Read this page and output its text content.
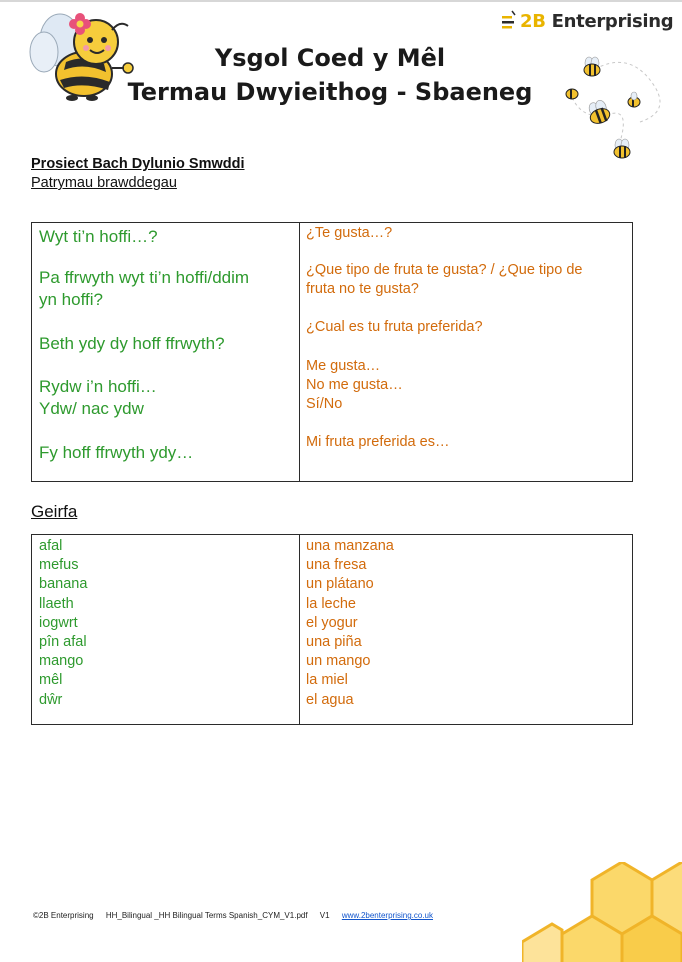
2B Enterprising
Ysgol Coed y Mêl
Termau Dwyieithog - Sbaeneg
Prosiect Bach Dylunio Smwddi
Patrymau brawddegau
Wyt ti’n hoffi…?
Pa ffrwyth wyt ti’n hoffi/ddim
yn hoffi?
Beth ydy dy hoff ffrwyth?
Rydw i’n hoffi…
Ydw/ nac ydw
Fy hoff ffrwyth ydy…
¿Te gusta…?
¿Que tipo de fruta te gusta? / ¿Que tipo de
fruta no te gusta?
¿Cual es tu fruta preferida?
Me gusta…
No me gusta…
Sí/No
Mi fruta preferida es…
Geirfa
afal
mefus
banana
llaeth
iogwrt
pîn afal
mango
mêl
dŵr
una manzana
una fresa
un plátano
la leche
el yogur
una piña
un mango
la miel
el agua
©2B Enterprising HH_Bilingual _HH Bilingual Terms Spanish_CYM_V1.pdf V1 www.2benterprising.co.uk
